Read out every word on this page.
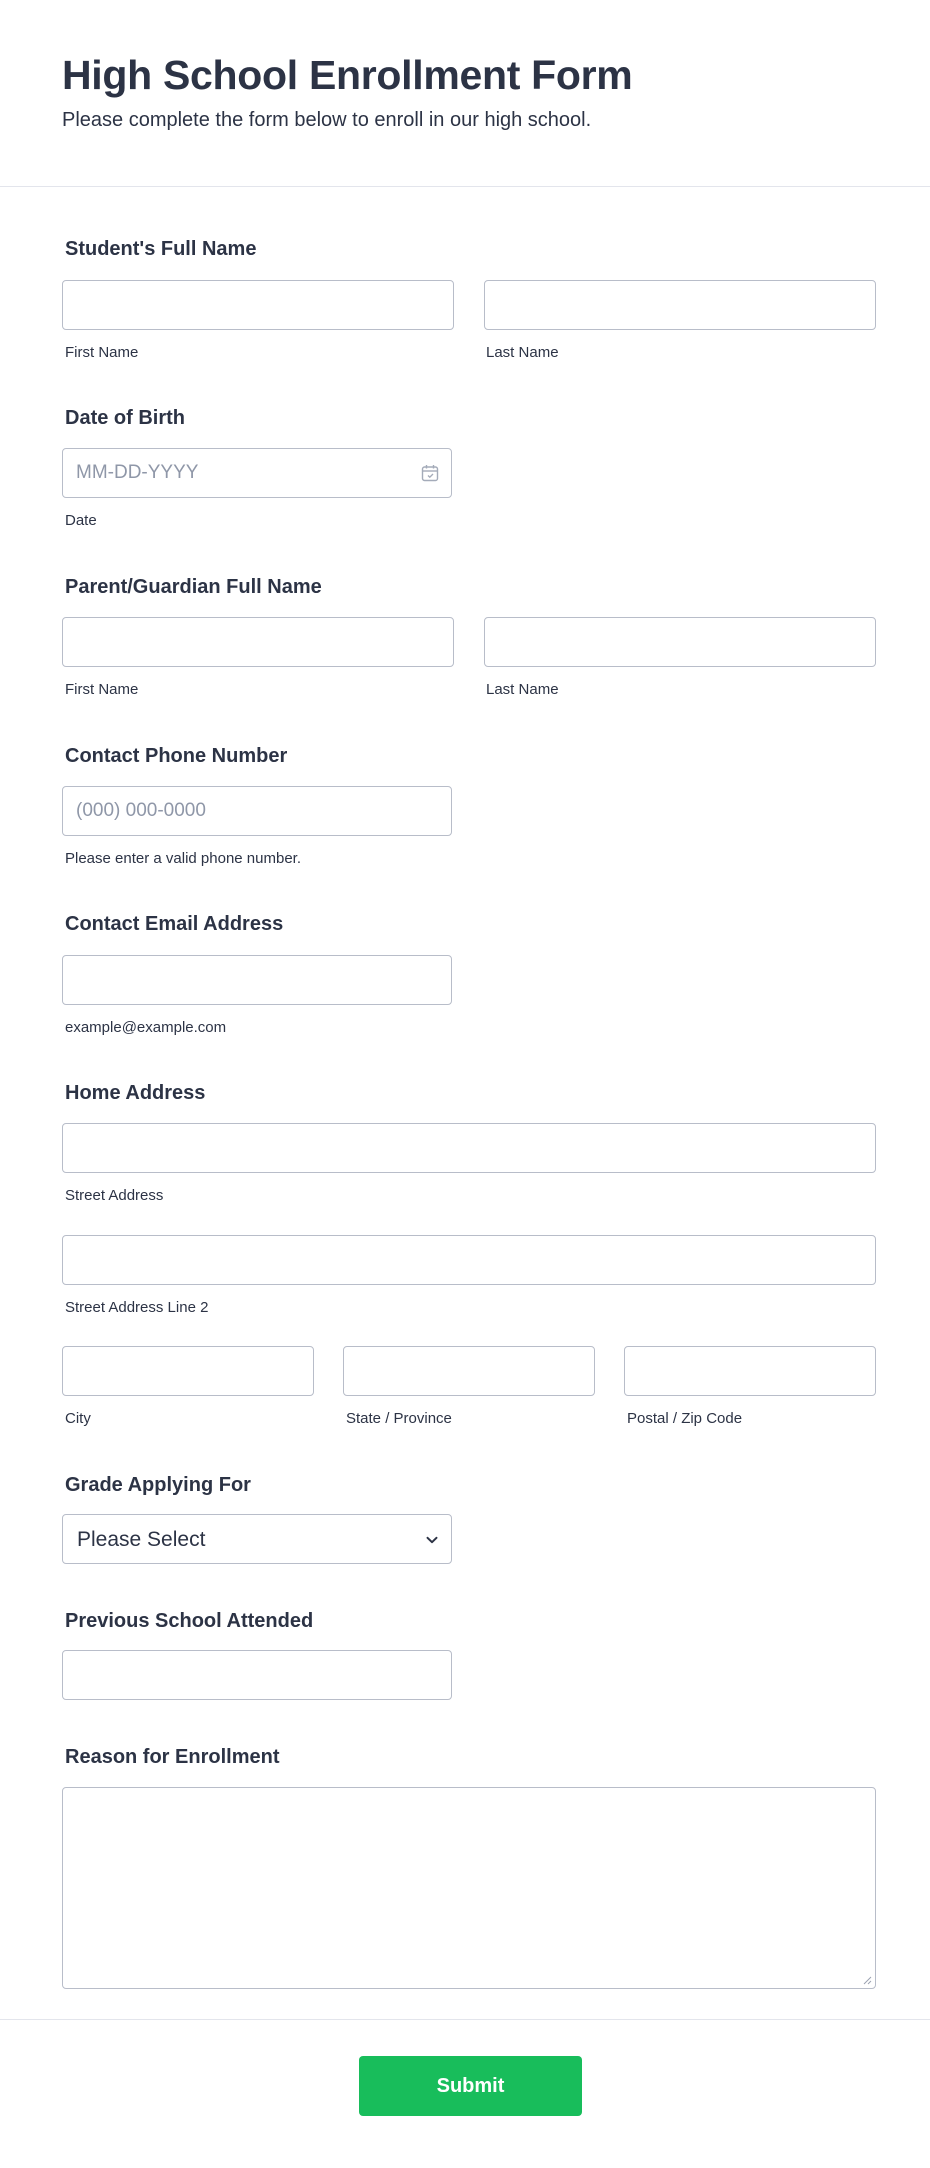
High School Enrollment Form
Please complete the form below to enroll in our high school.
Student's Full Name
First Name	Last Name
Date of Birth
MM-DD-YYYY
Date
Parent/Guardian Full Name
First Name	Last Name
Contact Phone Number
(000) 000-0000
Please enter a valid phone number.
Contact Email Address
example@example.com
Home Address
Street Address
Street Address Line 2
City	State / Province	Postal / Zip Code
Grade Applying For
Please Select
Previous School Attended
Reason for Enrollment
Submit
